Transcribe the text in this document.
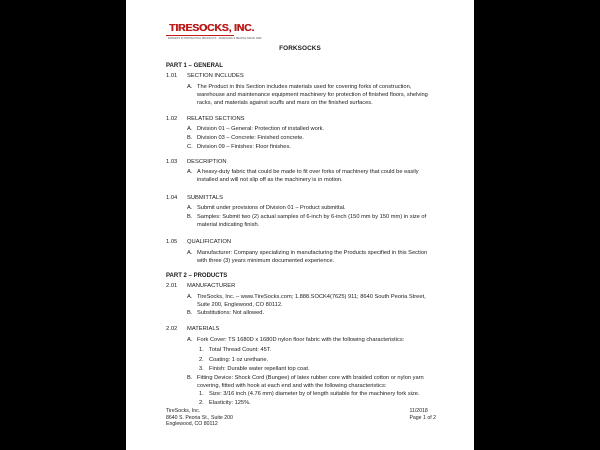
TIRESOCKS, INC.
EXPERTS IN PROTECTING PRODUCTS · SURFACES & PEOPLE SINCE 1999
FORKSOCKS
PART 1 – GENERAL
1.01 SECTION INCLUDES
A. The Product in this Section includes materials used for covering forks of construction, warehouse and maintenance equipment machinery for protection of finished floors, shelving racks, and materials against scuffs and mars on the finished surfaces.
1.02 RELATED SECTIONS
A. Division 01 – General: Protection of installed work.
B. Division 03 – Concrete: Finished concrete.
C. Division 09 – Finishes: Floor finishes.
1.03 DESCRIPTION
A. A heavy-duty fabric that could be made to fit over forks of machinery that could be easily installed and will not slip off as the machinery is in motion.
1.04 SUBMITTALS
A. Submit under provisions of Division 01 – Product submittal.
B. Samples: Submit two (2) actual samples of 6-inch by 6-inch (150 mm by 150 mm) in size of material indicating finish.
1.05 QUALIFICATION
A. Manufacturer: Company specializing in manufacturing the Products specified in this Section with three (3) years minimum documented experience.
PART 2 – PRODUCTS
2.01 MANUFACTURER
A. TireSocks, Inc. – www.TireSocks.com; 1.888.SOCK4(7625) 911; 8640 South Peoria Street, Suite 200, Englewood, CO 80112.
B. Substitutions: Not allowed.
2.02 MATERIALS
A. Fork Cover: TS 1680D x 1680D nylon floor fabric with the following characteristics:
1. Total Thread Count: 45T.
2. Coating: 1 oz urethane.
3. Finish: Durable water repellant top coat.
B. Fitting Device: Shock Cord (Bungee) of latex rubber core with braided cotton or nylon yarn covering, fitted with hook at each end and with the following characteristics:
1. Size: 3/16 inch (4.76 mm) diameter by of length suitable for the machinery fork size.
2. Elasticity: 125%.
TireSocks, Inc.
8640 S. Peoria St., Suite 200
Englewood, CO 80112
11/2018
Page 1 of 2
